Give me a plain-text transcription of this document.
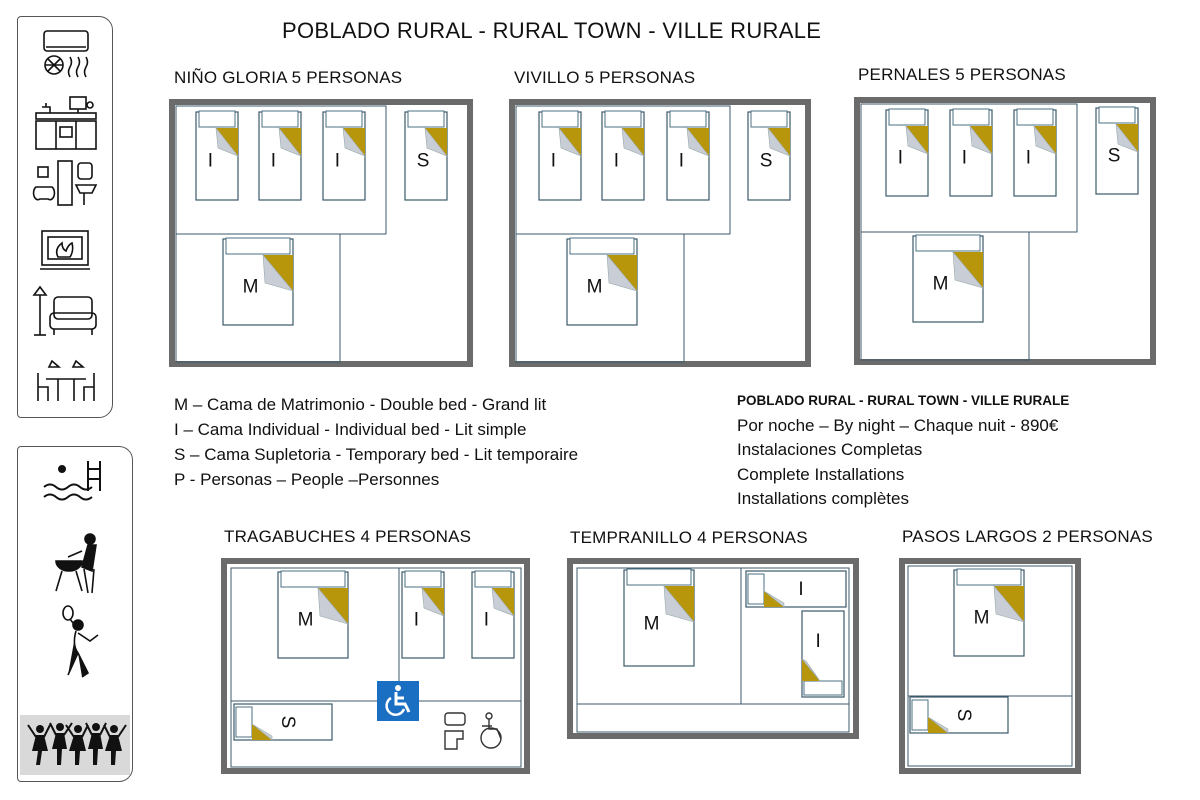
POBLADO RURAL - RURAL TOWN - VILLE RURALE
NIÑO GLORIA 5 PERSONAS	VIVILLO 5 PERSONAS	PERNALES 5 PERSONAS
TRAGABUCHES 4 PERSONAS	TEMPRANILLO 4 PERSONAS	PASOS LARGOS 2 PERSONAS
M – Cama de Matrimonio - Double bed - Grand lit
I – Cama Individual - Individual bed - Lit simple
S – Cama Supletoria - Temporary bed - Lit temporaire
P - Personas – People –Personnes
POBLADO RURAL - RURAL TOWN - VILLE RURALE
Por noche – By night – Chaque nuit - 890€
Instalaciones Completas
Complete Installations
Installations complètes
I	I	I	S
M
I	I	I	S
M
I	I	I	S
M
M	I	I
S
M
I
I
M
S
